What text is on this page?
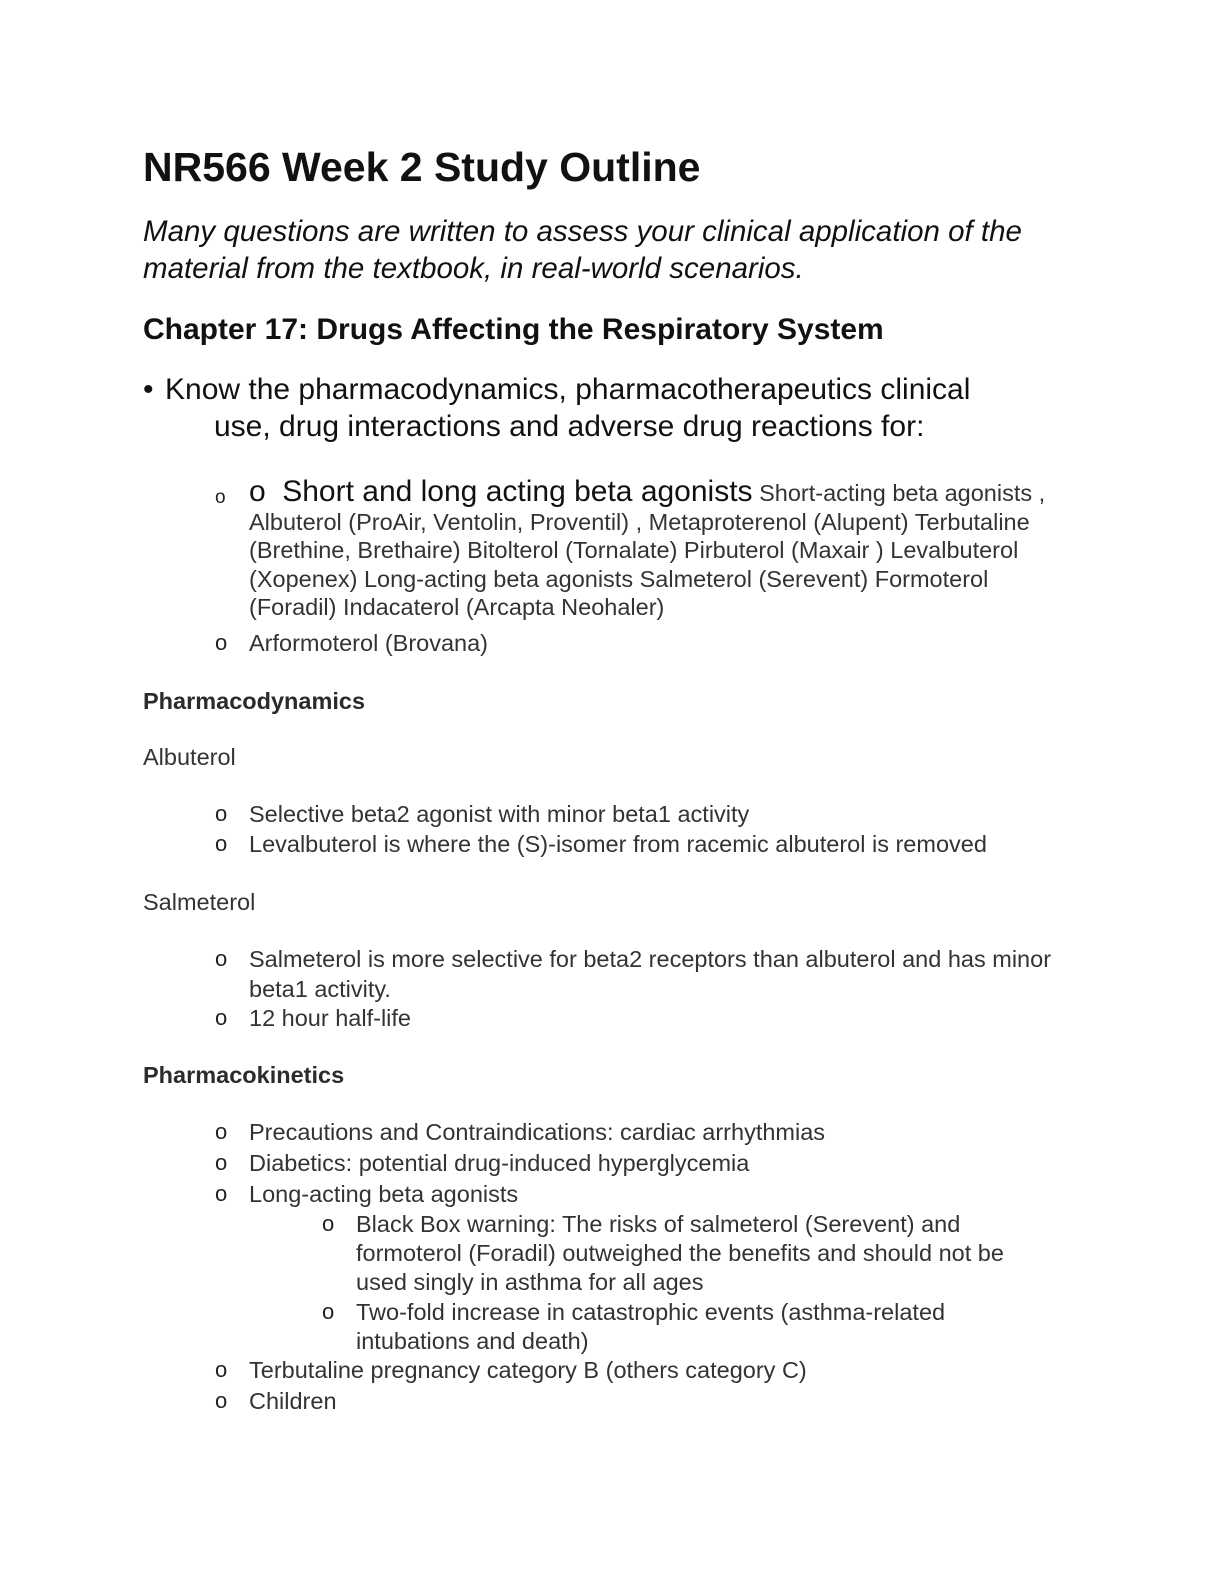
NR566 Week 2 Study Outline

Many questions are written to assess your clinical application of the material from the textbook, in real-world scenarios.

Chapter 17: Drugs Affecting the Respiratory System
• Know the pharmacodynamics, pharmacotherapeutics clinical
use, drug interactions and adverse drug reactions for:
o o Short and long acting beta agonists Short-acting beta agonists , Albuterol (ProAir, Ventolin, Proventil) , Metaproterenol (Alupent) Terbutaline (Brethine, Brethaire) Bitolterol (Tornalate) Pirbuterol (Maxair ) Levalbuterol (Xopenex) Long-acting beta agonists Salmeterol (Serevent) Formoterol (Foradil) Indacaterol (Arcapta Neohaler)
o Arformoterol (Brovana)
Pharmacodynamics
Albuterol
o Selective beta2 agonist with minor beta1 activity
o Levalbuterol is where the (S)-isomer from racemic albuterol is removed
Salmeterol
o Salmeterol is more selective for beta2 receptors than albuterol and has minor beta1 activity.
o 12 hour half-life
Pharmacokinetics
o Precautions and Contraindications: cardiac arrhythmias
o Diabetics: potential drug-induced hyperglycemia
o Long-acting beta agonists
o Black Box warning: The risks of salmeterol (Serevent) and formoterol (Foradil) outweighed the benefits and should not be used singly in asthma for all ages
o Two-fold increase in catastrophic events (asthma-related intubations and death)
o Terbutaline pregnancy category B (others category C)
o Children
